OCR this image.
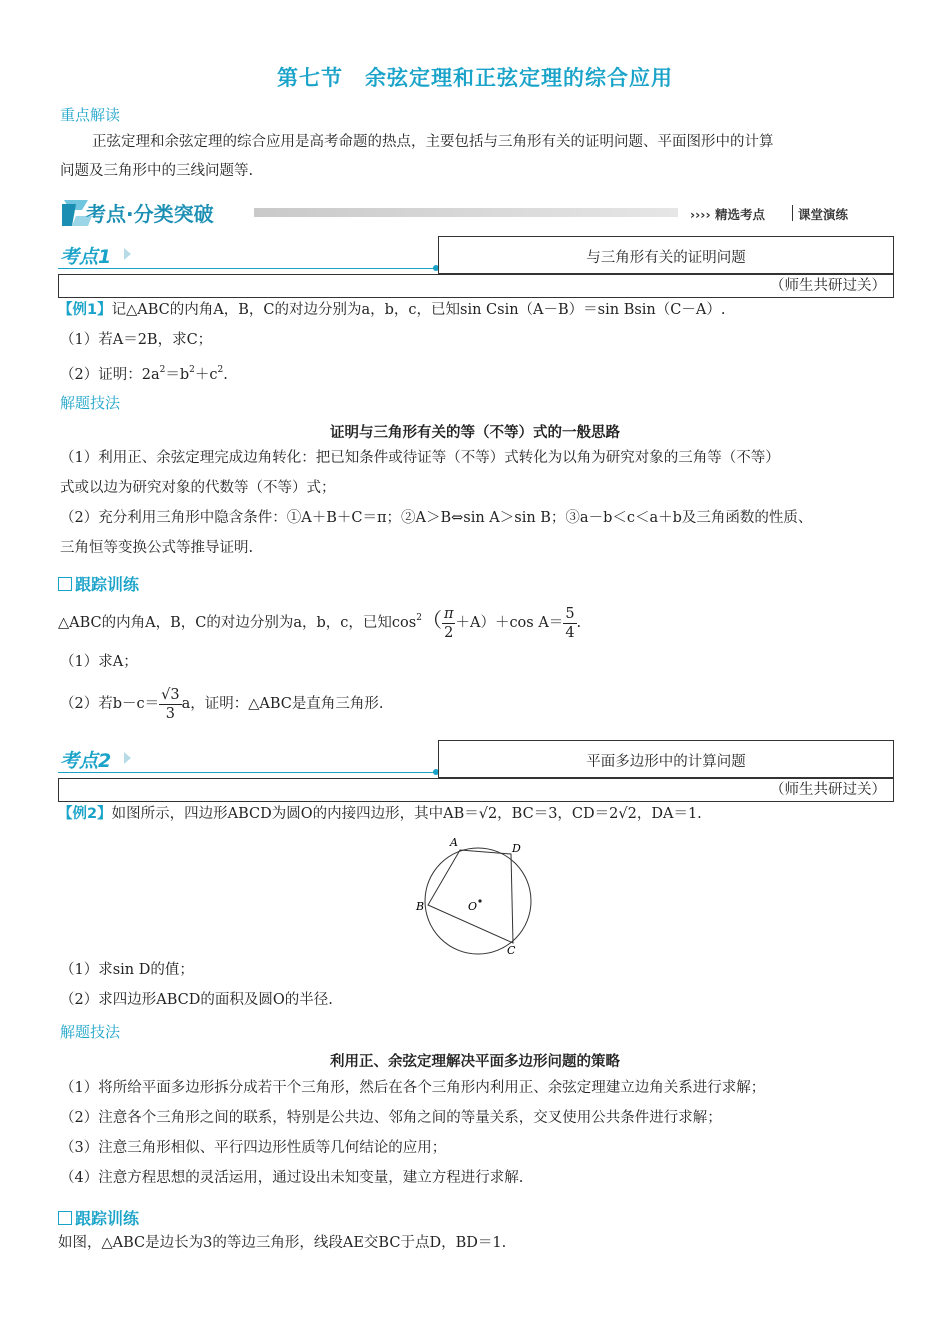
第七节　余弦定理和正弦定理的综合应用
重点解读
正弦定理和余弦定理的综合应用是高考命题的热点，主要包括与三角形有关的证明问题、平面图形中的计算
问题及三角形中的三线问题等.
考点·分类突破	›››› 精选考点	课堂演练
考点1	与三角形有关的证明问题
（师生共研过关）
【例1】记△ABC的内角A，B，C的对边分别为a，b，c，已知sin Csin（A－B）＝sin Bsin（C－A）.
（1）若A＝2B，求C；
（2）证明：$2a^2=b^2+c^2$.
解题技法
证明与三角形有关的等（不等）式的一般思路
（1）利用正、余弦定理完成边角转化：把已知条件或待证等（不等）式转化为以角为研究对象的三角等（不等）
式或以边为研究对象的代数等（不等）式；
（2）充分利用三角形中隐含条件：①A＋B＋C＝π；②A＞B⇔sin A＞sin B；③a－b＜c＜a＋b及三角函数的性质、
三角恒等变换公式等推导证明.
跟踪训练
△ABC的内角A，B，C的对边分别为a，b，c，已知$\cos^2( \frac{\pi}{2} +A)+\cos$ $A= \frac{5}{4}$ .
（1）求A；
（2）若$b-c= \frac{√3}{3}$ a，证明：△ABC是直角三角形.
考点2	平面多边形中的计算问题
（师生共研过关）
【例2】如图所示，四边形ABCD为圆O的内接四边形，其中AB＝√2，BC＝3，CD＝2√2，DA＝1.
A	D
B
C
O
（1）求sin D的值；
（2）求四边形ABCD的面积及圆O的半径.
解题技法
利用正、余弦定理解决平面多边形问题的策略
（1）将所给平面多边形拆分成若干个三角形，然后在各个三角形内利用正、余弦定理建立边角关系进行求解；
（2）注意各个三角形之间的联系，特别是公共边、邻角之间的等量关系，交叉使用公共条件进行求解；
（3）注意三角形相似、平行四边形性质等几何结论的应用；
（4）注意方程思想的灵活运用，通过设出未知变量，建立方程进行求解.
跟踪训练
如图，△ABC是边长为3的等边三角形，线段AE交BC于点D，BD＝1.
